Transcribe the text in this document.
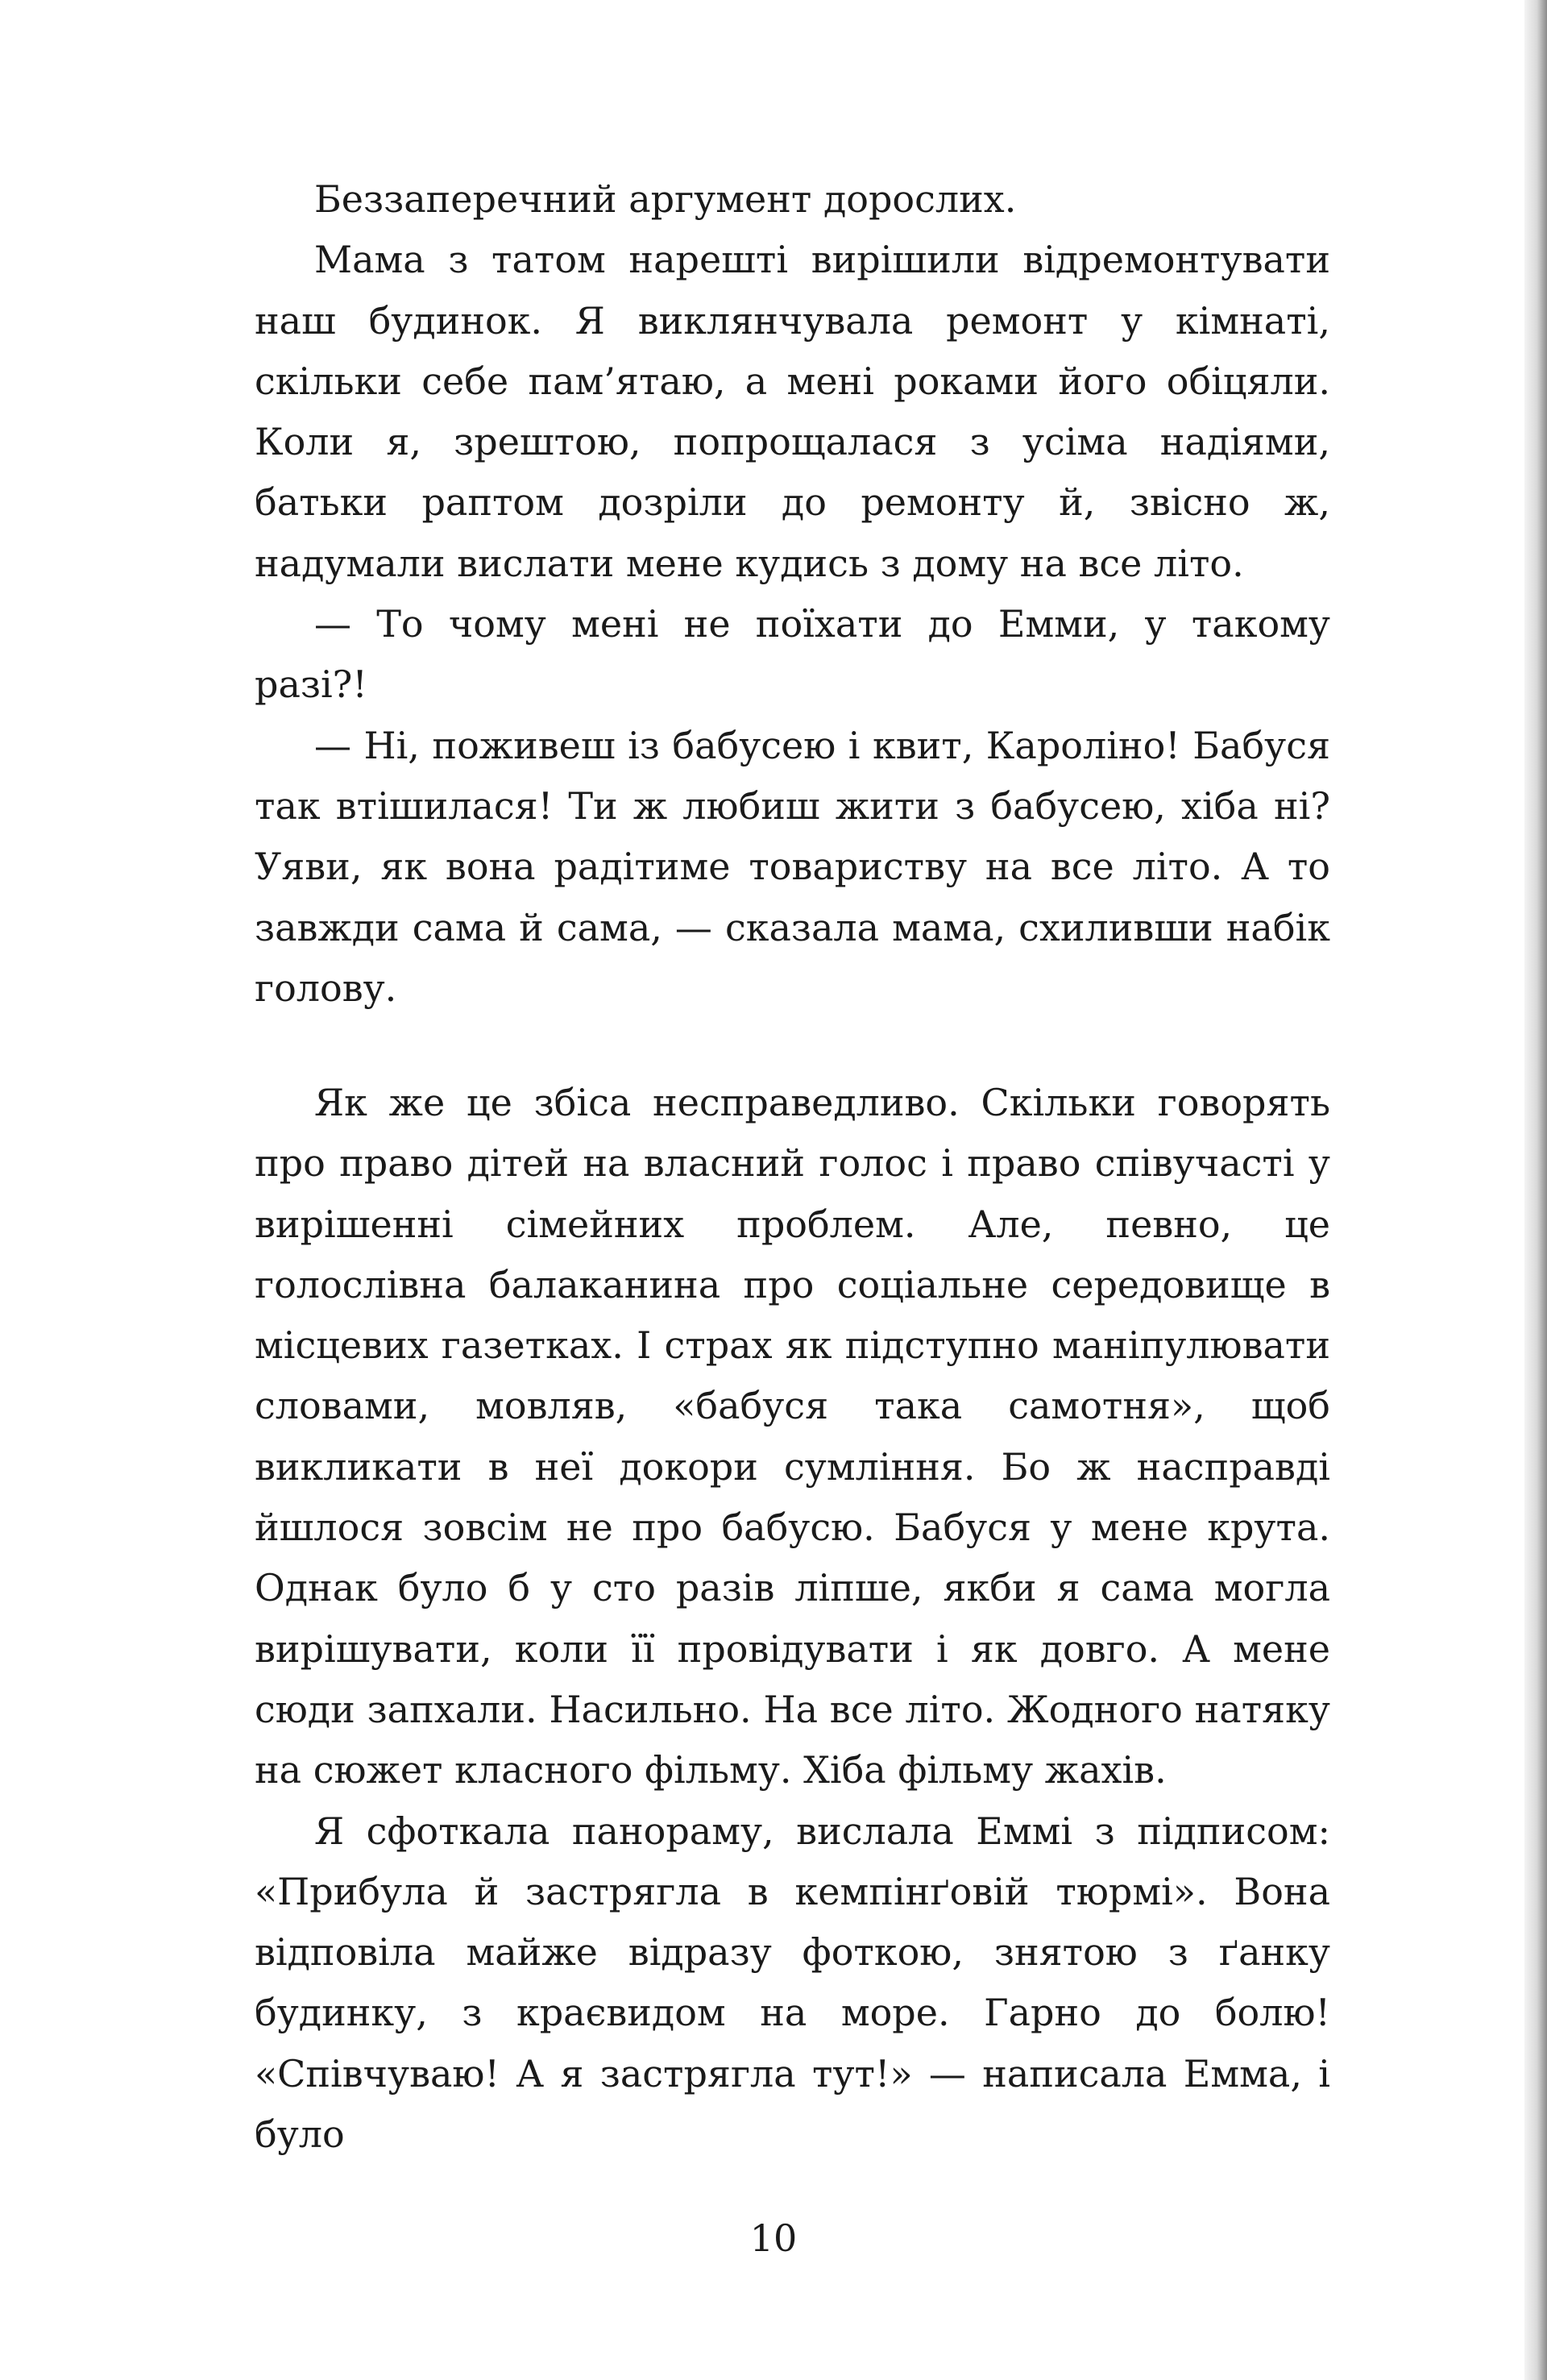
Беззаперечний аргумент дорослих.

Мама з татом нарешті вирішили відремонтувати наш будинок. Я виклянчувала ремонт у кімнаті, скільки себе пам’ятаю, а мені роками його обіцяли. Коли я, зрештою, попрощалася з усіма надіями, батьки раптом дозріли до ремонту й, звісно ж, надумали вислати мене кудись з дому на все літо.

— То чому мені не поїхати до Емми, у такому разі?!

— Ні, поживеш із бабусею і квит, Кароліно! Бабуся так втішилася! Ти ж любиш жити з бабусею, хіба ні? Уяви, як вона радітиме товариству на все літо. А то завжди сама й сама, — сказала мама, схиливши набік голову.

Як же це збіса несправедливо. Скільки говорять про право дітей на власний голос і право співучасті у вирішенні сімейних проблем. Але, певно, це голослівна балаканина про соціальне середовище в місцевих газетках. І страх як підступно маніпулювати словами, мовляв, «бабуся така самотня», щоб викликати в неї докори сумління. Бо ж насправді йшлося зовсім не про бабусю. Бабуся у мене крута. Однак було б у сто разів ліпше, якби я сама могла вирішувати, коли її провідувати і як довго. А мене сюди запхали. Насильно. На все літо. Жодного натяку на сюжет класного фільму. Хіба фільму жахів.

Я сфоткала панораму, вислала Еммі з підписом: «Прибула й застрягла в кемпінґовій тюрмі». Вона відповіла майже відразу фоткою, знятою з ґанку будинку, з краєвидом на море. Гарно до болю! «Співчуваю! А я застрягла тут!» — написала Емма, і було

10
